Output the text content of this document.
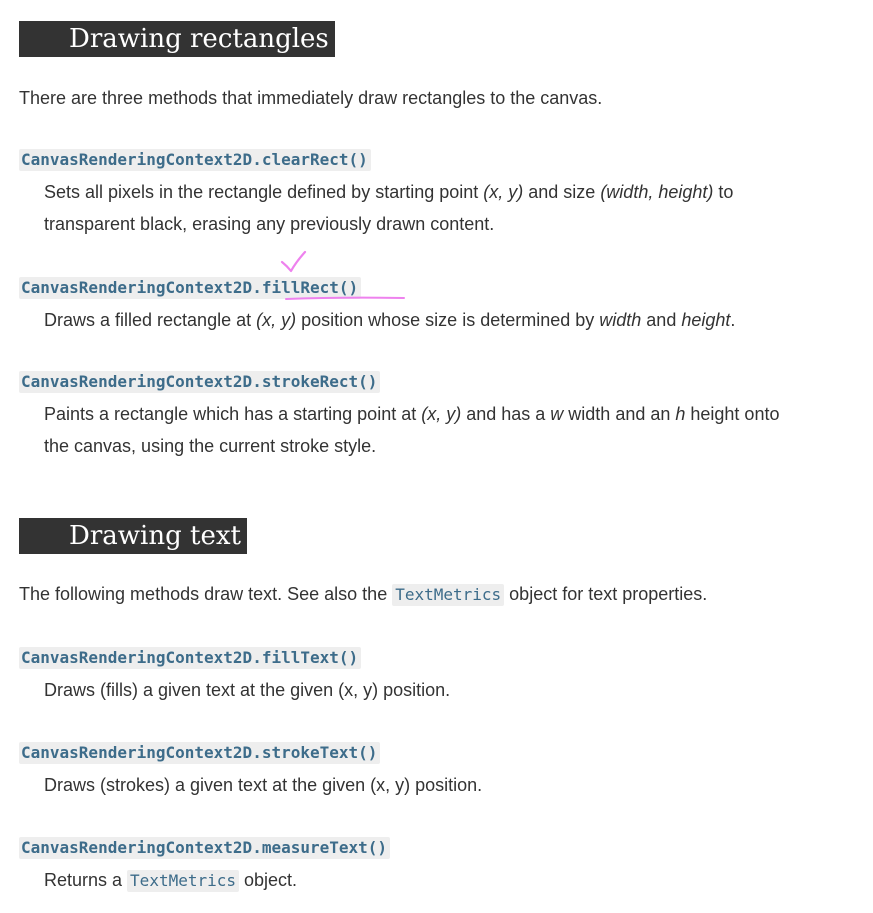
Drawing rectangles
There are three methods that immediately draw rectangles to the canvas.
CanvasRenderingContext2D.clearRect()
Sets all pixels in the rectangle defined by starting point (x, y) and size (width, height) to
transparent black, erasing any previously drawn content.
CanvasRenderingContext2D.fillRect()
Draws a filled rectangle at (x, y) position whose size is determined by width and height.
CanvasRenderingContext2D.strokeRect()
Paints a rectangle which has a starting point at (x, y) and has a w width and an h height onto
the canvas, using the current stroke style.
Drawing text
The following methods draw text. See also the TextMetrics object for text properties.
CanvasRenderingContext2D.fillText()
Draws (fills) a given text at the given (x, y) position.
CanvasRenderingContext2D.strokeText()
Draws (strokes) a given text at the given (x, y) position.
CanvasRenderingContext2D.measureText()
Returns a TextMetrics object.
